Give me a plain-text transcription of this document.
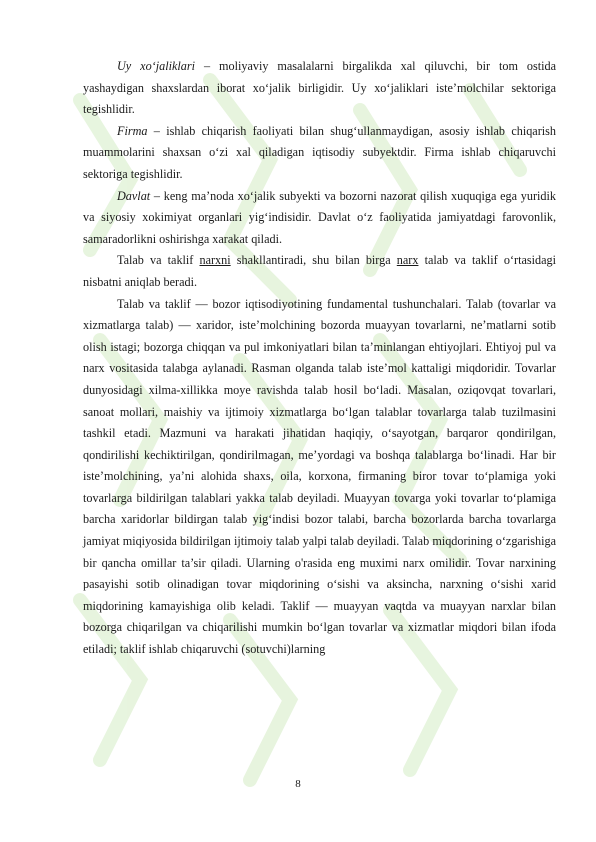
Uy xo‘jaliklari – moliyaviy masalalarni birgalikda xal qiluvchi, bir tom ostida yashaydigan shaxslardan iborat xo‘jalik birligidir. Uy xo‘jaliklari iste’molchilar sektoriga tegishlidir.

Firma – ishlab chiqarish faoliyati bilan shug‘ullanmaydigan, asosiy ishlab chiqarish muammolarini shaxsan o‘zi xal qiladigan iqtisodiy subyektdir. Firma ishlab chiqaruvchi sektoriga tegishlidir.

Davlat – keng ma’noda xo‘jalik subyekti va bozorni nazorat qilish xuquqiga ega yuridik va siyosiy xokimiyat organlari yig‘indisidir. Davlat o‘z faoliyatida jamiyatdagi farovonlik, samaradorlikni oshirishga xarakat qiladi.

Talab va taklif narxni shakllantiradi, shu bilan birga narx talab va taklif o‘rtasidagi nisbatni aniqlab beradi.

Talab va taklif — bozor iqtisodiyotining fundamental tushunchalari. Talab (tovarlar va xizmatlarga talab) — xaridor, iste’molchining bozorda muayyan tovarlarni, ne’matlarni sotib olish istagi; bozorga chiqqan va pul imkoniyatlari bilan ta’minlangan ehtiyojlari. Ehtiyoj pul va narx vositasida talabga aylanadi. Rasman olganda talab iste’mol kattaligi miqdoridir. Tovarlar dunyosidagi xilma-xillikka moye ravishda talab hosil bo‘ladi. Masalan, oziqovqat tovarlari, sanoat mollari, maishiy va ijtimoiy xizmatlarga bo‘lgan talablar tovarlarga talab tuzilmasini tashkil etadi. Mazmuni va harakati jihatidan haqiqiy, o‘sayotgan, barqaror qondirilgan, qondirilishi kechiktirilgan, qondirilmagan, me’yordagi va boshqa talablarga bo‘linadi. Har bir iste’molchining, ya’ni alohida shaxs, oila, korxona, firmaning biror tovar to‘plamiga yoki tovarlarga bildirilgan talablari yakka talab deyiladi. Muayyan tovarga yoki tovarlar to‘plamiga barcha xaridorlar bildirgan talab yig‘indisi bozor talabi, barcha bozorlarda barcha tovarlarga jamiyat miqiyosida bildirilgan ijtimoiy talab yalpi talab deyiladi. Talab miqdorining o‘zgarishiga bir qancha omillar ta’sir qiladi. Ularning o'rasida eng muximi narx omilidir. Tovar narxining pasayishi sotib olinadigan tovar miqdorining o‘sishi va aksincha, narxning o‘sishi xarid miqdorining kamayishiga olib keladi. Taklif — muayyan vaqtda va muayyan narxlar bilan bozorga chiqarilgan va chiqarilishi mumkin bo‘lgan tovarlar va xizmatlar miqdori bilan ifoda etiladi; taklif ishlab chiqaruvchi (sotuvchi)larning

8
